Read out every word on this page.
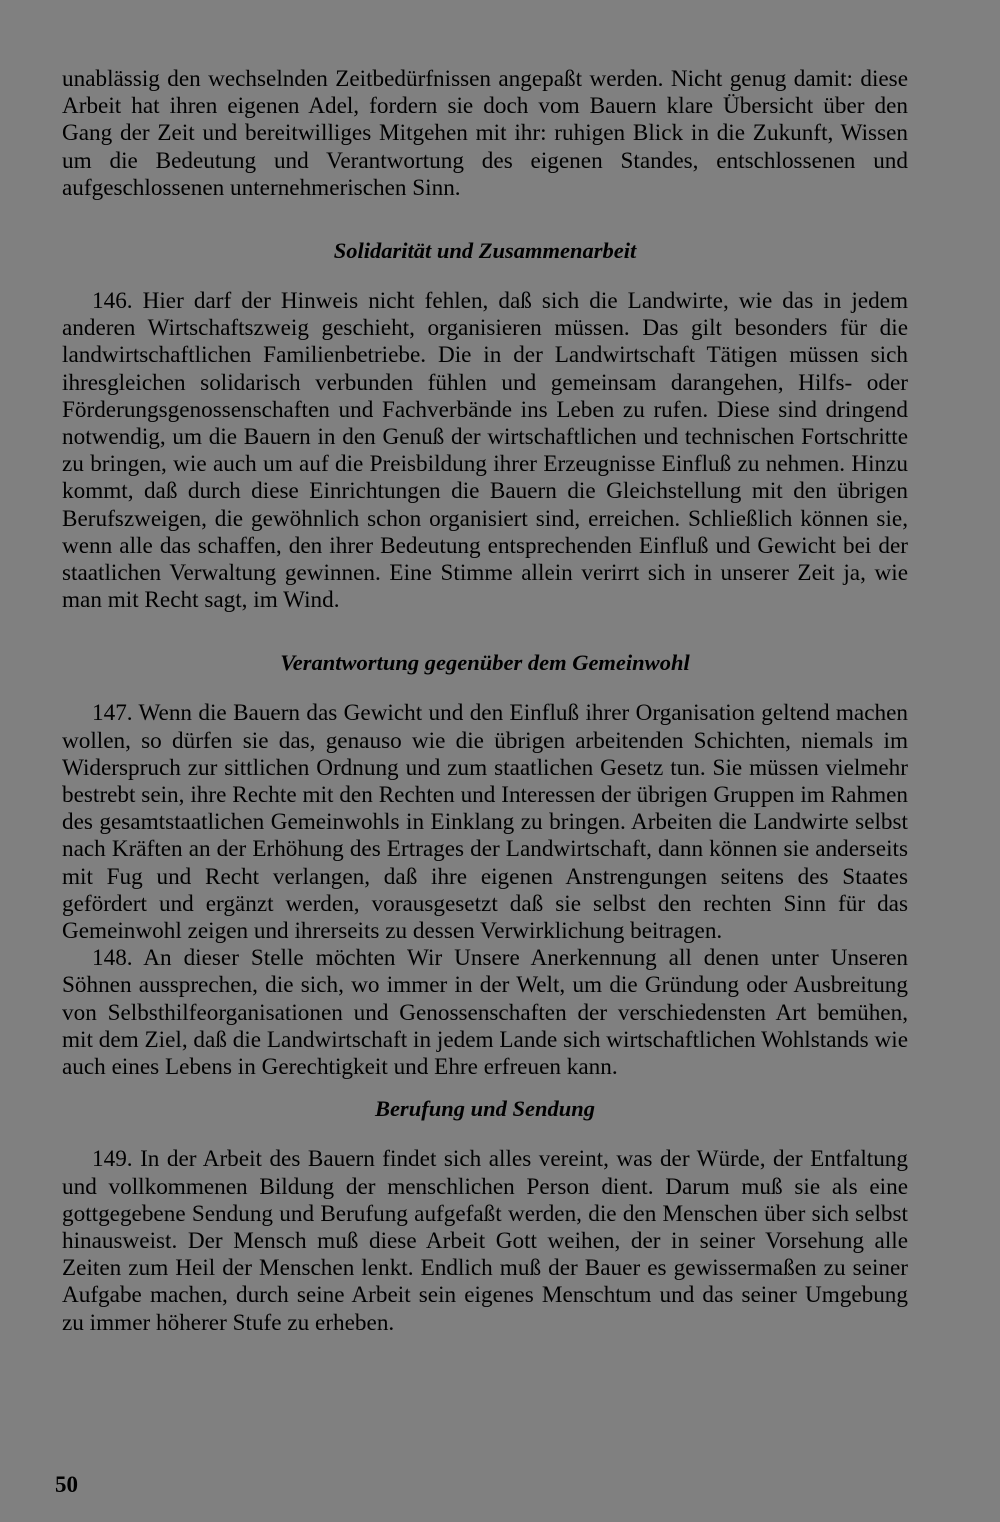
unablässig den wechselnden Zeitbedürfnissen angepaßt werden. Nicht genug damit: diese Arbeit hat ihren eigenen Adel, fordern sie doch vom Bauern klare Übersicht über den Gang der Zeit und bereitwilliges Mitgehen mit ihr: ruhigen Blick in die Zukunft, Wissen um die Bedeutung und Verantwortung des eigenen Standes, entschlossenen und aufgeschlossenen unternehmerischen Sinn.

Solidarität und Zusammenarbeit

146. Hier darf der Hinweis nicht fehlen, daß sich die Landwirte, wie das in jedem anderen Wirtschaftszweig geschieht, organisieren müssen. Das gilt besonders für die landwirtschaftlichen Familienbetriebe. Die in der Landwirtschaft Tätigen müssen sich ihresgleichen solidarisch verbunden fühlen und gemeinsam darangehen, Hilfs- oder Förderungsgenossenschaften und Fachverbände ins Leben zu rufen. Diese sind dringend notwendig, um die Bauern in den Genuß der wirtschaftlichen und technischen Fortschritte zu bringen, wie auch um auf die Preisbildung ihrer Erzeugnisse Einfluß zu nehmen. Hinzu kommt, daß durch diese Einrichtungen die Bauern die Gleichstellung mit den übrigen Berufszweigen, die gewöhnlich schon organisiert sind, erreichen. Schließlich können sie, wenn alle das schaffen, den ihrer Bedeutung entsprechenden Einfluß und Gewicht bei der staatlichen Verwaltung gewinnen. Eine Stimme allein verirrt sich in unserer Zeit ja, wie man mit Recht sagt, im Wind.

Verantwortung gegenüber dem Gemeinwohl

147. Wenn die Bauern das Gewicht und den Einfluß ihrer Organisation geltend machen wollen, so dürfen sie das, genauso wie die übrigen arbeitenden Schichten, niemals im Widerspruch zur sittlichen Ordnung und zum staatlichen Gesetz tun. Sie müssen vielmehr bestrebt sein, ihre Rechte mit den Rechten und Interessen der übrigen Gruppen im Rahmen des gesamtstaatlichen Gemeinwohls in Einklang zu bringen. Arbeiten die Landwirte selbst nach Kräften an der Erhöhung des Ertrages der Landwirtschaft, dann können sie anderseits mit Fug und Recht verlangen, daß ihre eigenen Anstrengungen seitens des Staates gefördert und ergänzt werden, vorausgesetzt daß sie selbst den rechten Sinn für das Gemeinwohl zeigen und ihrerseits zu dessen Verwirklichung beitragen.

148. An dieser Stelle möchten Wir Unsere Anerkennung all denen unter Unseren Söhnen aussprechen, die sich, wo immer in der Welt, um die Gründung oder Ausbreitung von Selbsthilfeorganisationen und Genossenschaften der verschiedensten Art bemühen, mit dem Ziel, daß die Landwirtschaft in jedem Lande sich wirtschaftlichen Wohlstands wie auch eines Lebens in Gerechtigkeit und Ehre erfreuen kann.

Berufung und Sendung

149. In der Arbeit des Bauern findet sich alles vereint, was der Würde, der Entfaltung und vollkommenen Bildung der menschlichen Person dient. Darum muß sie als eine gottgegebene Sendung und Berufung aufgefaßt werden, die den Menschen über sich selbst hinausweist. Der Mensch muß diese Arbeit Gott weihen, der in seiner Vorsehung alle Zeiten zum Heil der Menschen lenkt. Endlich muß der Bauer es gewissermaßen zu seiner Aufgabe machen, durch seine Arbeit sein eigenes Menschtum und das seiner Umgebung zu immer höherer Stufe zu erheben.

50
